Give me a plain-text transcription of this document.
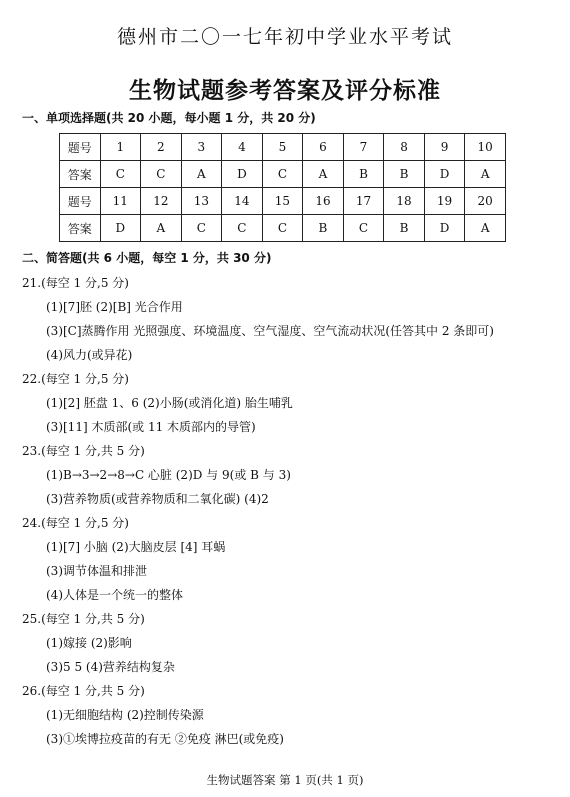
德州市二〇一七年初中学业水平考试
生物试题参考答案及评分标准
一、单项选择题(共 20 小题，每小题 1 分，共 20 分)
题号	1	2	3	4	5	6	7	8	9	10
答案	C	C	A	D	C	A	B	B	D	A
题号	11	12	13	14	15	16	17	18	19	20
答案	D	A	C	C	C	B	C	B	D	A
二、简答题(共 6 小题，每空 1 分，共 30 分)
21.(每空 1 分,5 分)
(1)[7]胚 (2)[B] 光合作用
(3)[C]蒸腾作用 光照强度、环境温度、空气湿度、空气流动状况(任答其中 2 条即可)
(4)风力(或异花)
22.(每空 1 分,5 分)
(1)[2] 胚盘 1、6 (2)小肠(或消化道) 胎生哺乳
(3)[11] 木质部(或 11 木质部内的导管)
23.(每空 1 分,共 5 分)
(1)B→3→2→8→C 心脏 (2)D 与 9(或 B 与 3)
(3)营养物质(或营养物质和二氧化碳) (4)2
24.(每空 1 分,5 分)
(1)[7] 小脑 (2)大脑皮层 [4] 耳蜗
(3)调节体温和排泄
(4)人体是一个统一的整体
25.(每空 1 分,共 5 分)
(1)嫁接 (2)影响
(3)5 5 (4)营养结构复杂
26.(每空 1 分,共 5 分)
(1)无细胞结构 (2)控制传染源
(3)①埃博拉疫苗的有无 ②免疫 淋巴(或免疫)
生物试题答案 第 1 页(共 1 页)
